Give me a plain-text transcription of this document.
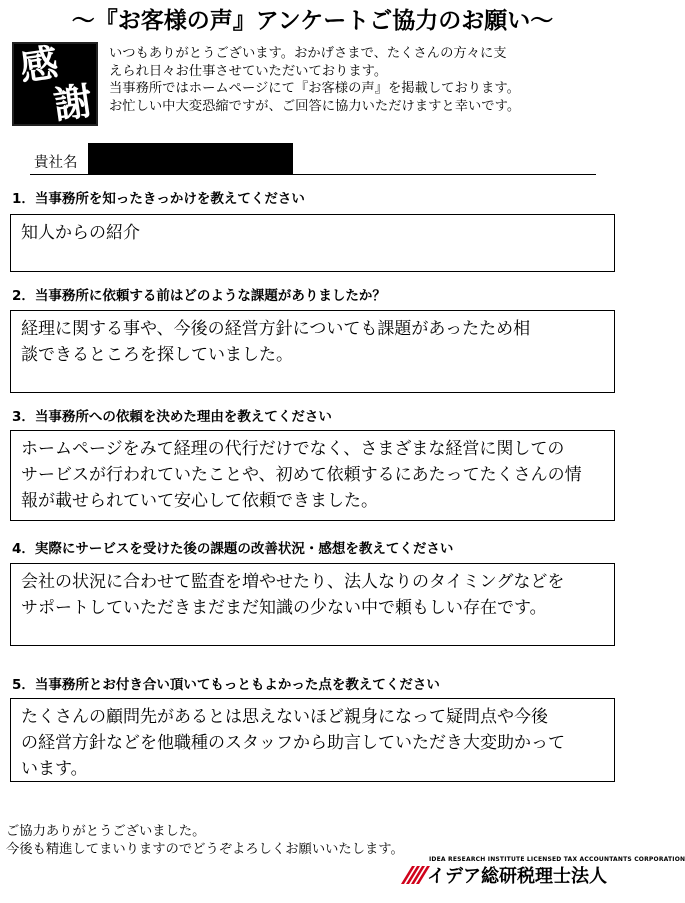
～『お客様の声』アンケートご協力のお願い～
感
謝
いつもありがとうございます。おかげさまで、たくさんの方々に支
えられ日々お仕事させていただいております。
当事務所ではホームページにて『お客様の声』を掲載しております。
お忙しい中大変恐縮ですが、ご回答に協力いただけますと幸いです。
貴社名
1．当事務所を知ったきっかけを教えてください
知人からの紹介
2．当事務所に依頼する前はどのような課題がありましたか？
経理に関する事や、今後の経営方針についても課題があったため相
談できるところを探していました。
3．当事務所への依頼を決めた理由を教えてください
ホームページをみて経理の代行だけでなく、さまざまな経営に関しての
サービスが行われていたことや、初めて依頼するにあたってたくさんの情
報が載せられていて安心して依頼できました。
4．実際にサービスを受けた後の課題の改善状況・感想を教えてください
会社の状況に合わせて監査を増やせたり、法人なりのタイミングなどを
サポートしていただきまだまだ知識の少ない中で頼もしい存在です。
5．当事務所とお付き合い頂いてもっともよかった点を教えてください
たくさんの顧問先があるとは思えないほど親身になって疑問点や今後
の経営方針などを他職種のスタッフから助言していただき大変助かって
います。
ご協力ありがとうございました。
今後も精進してまいりますのでどうぞよろしくお願いいたします。
IDEA RESEARCH INSTITUTE LICENSED TAX ACCOUNTANTS CORPORATION
イデア総研税理士法人
